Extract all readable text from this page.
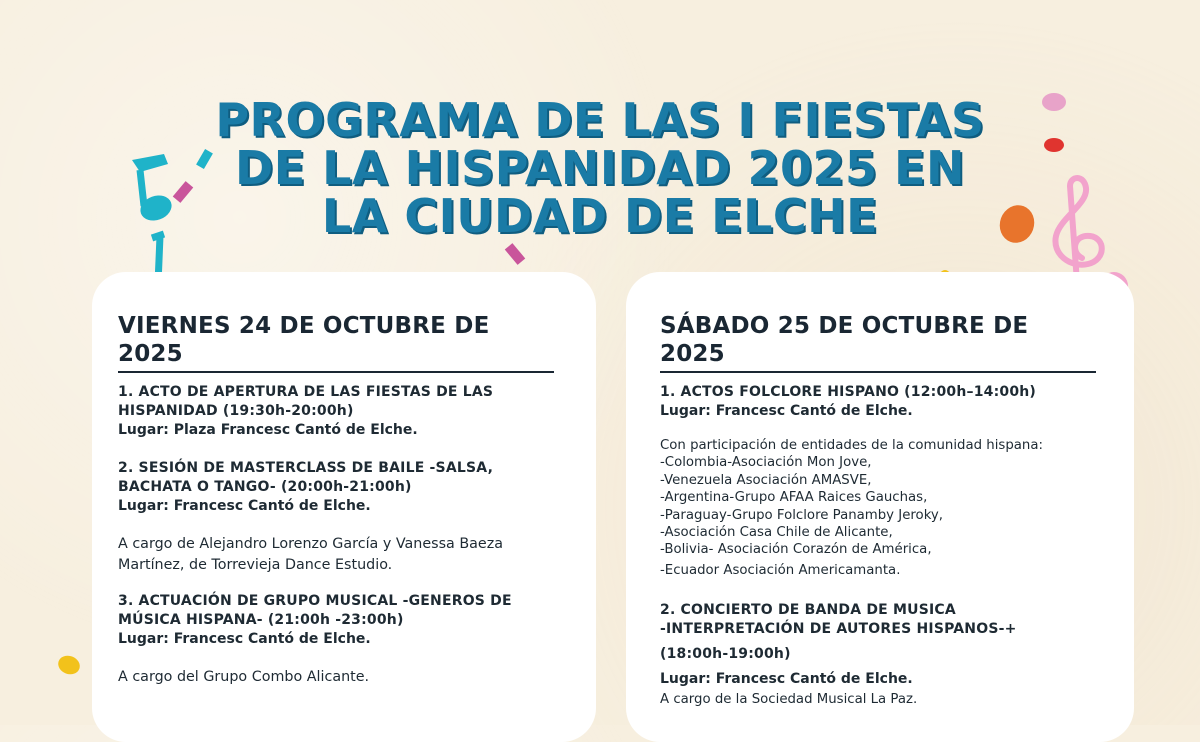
PROGRAMA DE LAS I FIESTAS
DE LA HISPANIDAD 2025 EN
LA CIUDAD DE ELCHE
VIERNES 24 DE OCTUBRE DE 2025

1. ACTO DE APERTURA DE LAS FIESTAS DE LAS
HISPANIDAD (19:30h-20:00h)

Lugar: Plaza Francesc Cantó de Elche.

2. SESIÓN DE MASTERCLASS DE BAILE -SALSA,
BACHATA O TANGO- (20:00h-21:00h)

Lugar: Francesc Cantó de Elche.

A cargo de Alejandro Lorenzo García y Vanessa Baeza
Martínez, de Torrevieja Dance Estudio.

3. ACTUACIÓN DE GRUPO MUSICAL -GENEROS DE
MÚSICA HISPANA- (21:00h -23:00h)

Lugar: Francesc Cantó de Elche.

A cargo del Grupo Combo Alicante.

SÁBADO 25 DE OCTUBRE DE 2025

1. ACTOS FOLCLORE HISPANO (12:00h–14:00h)

Lugar: Francesc Cantó de Elche.

Con participación de entidades de la comunidad hispana:

-Colombia-Asociación Mon Jove,
-Venezuela Asociación AMASVE,
-Argentina-Grupo AFAA Raices Gauchas,
-Paraguay-Grupo Folclore Panamby Jeroky,
-Asociación Casa Chile de Alicante,
-Bolivia- Asociación Corazón de América,
-Ecuador Asociación Americamanta.

2. CONCIERTO DE BANDA DE MUSICA
-INTERPRETACIÓN DE AUTORES HISPANOS-+
(18:00h-19:00h)

Lugar: Francesc Cantó de Elche.

A cargo de la Sociedad Musical La Paz.
